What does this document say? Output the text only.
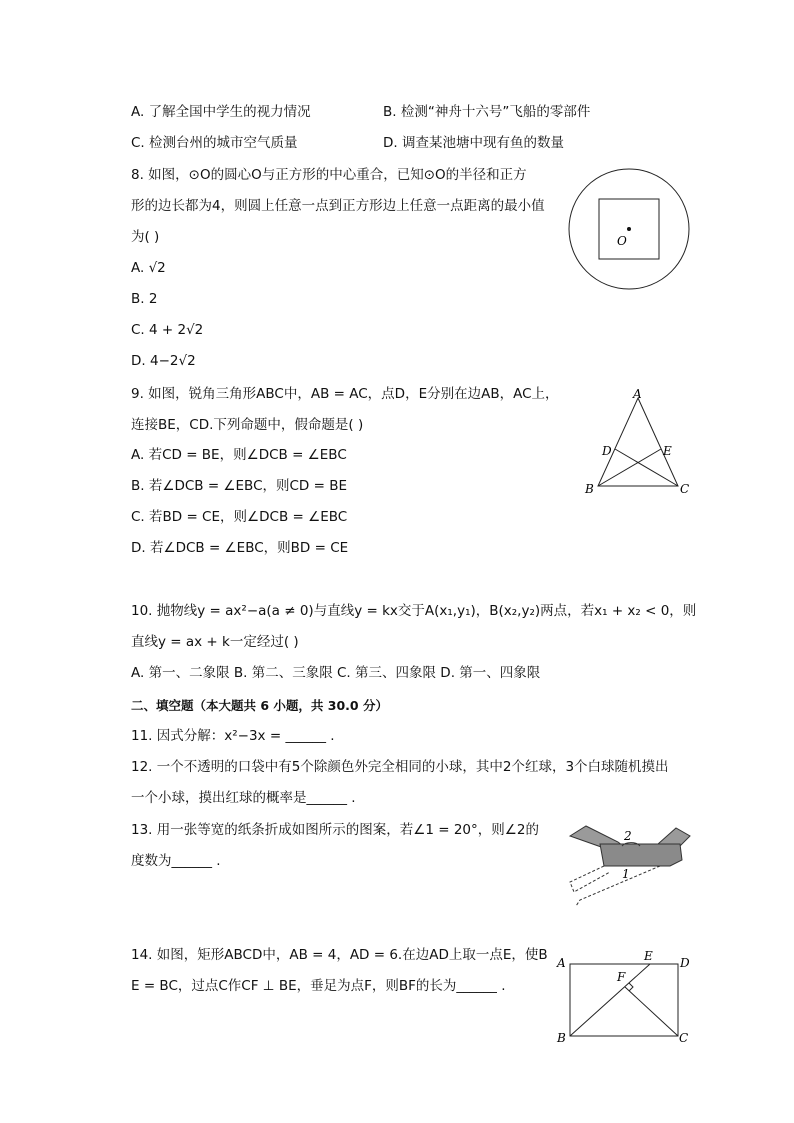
A. 了解全国中学生的视力情况	B. 检测“神舟十六号”飞船的零部件
C. 检测台州的城市空气质量	D. 调查某池塘中现有鱼的数量
8. 如图，⊙O的圆心O与正方形的中心重合，已知⊙O的半径和正方
形的边长都为4，则圆上任意一点到正方形边上任意一点距离的最小值
为( )
A. √2
B. 2
C. 4 + 2√2
D. 4−2√2
O
9. 如图，锐角三角形ABC中，AB = AC，点D，E分别在边AB，AC上，
连接BE，CD.下列命题中，假命题是( )
A. 若CD = BE，则∠DCB = ∠EBC
B. 若∠DCB = ∠EBC，则CD = BE
C. 若BD = CE，则∠DCB = ∠EBC
D. 若∠DCB = ∠EBC，则BD = CE
A
B	C
D	E
10. 抛物线y = ax²−a(a ≠ 0)与直线y = kx交于A(x₁,y₁)，B(x₂,y₂)两点，若x₁ + x₂ < 0，则
直线y = ax + k一定经过( )
A. 第一、二象限 B. 第二、三象限 C. 第三、四象限 D. 第一、四象限
二、填空题（本大题共 6 小题，共 30.0 分）
11. 因式分解：x²−3x = ______ .
12. 一个不透明的口袋中有5个除颜色外完全相同的小球，其中2个红球，3个白球随机摸出
一个小球，摸出红球的概率是______ .
13. 用一张等宽的纸条折成如图所示的图案，若∠1 = 20°，则∠2的
度数为______ .
2
1
14. 如图，矩形ABCD中，AB = 4，AD = 6.在边AD上取一点E，使B
E = BC，过点C作CF ⊥ BE，垂足为点F，则BF的长为______ .
A
B	C
D
E
F
